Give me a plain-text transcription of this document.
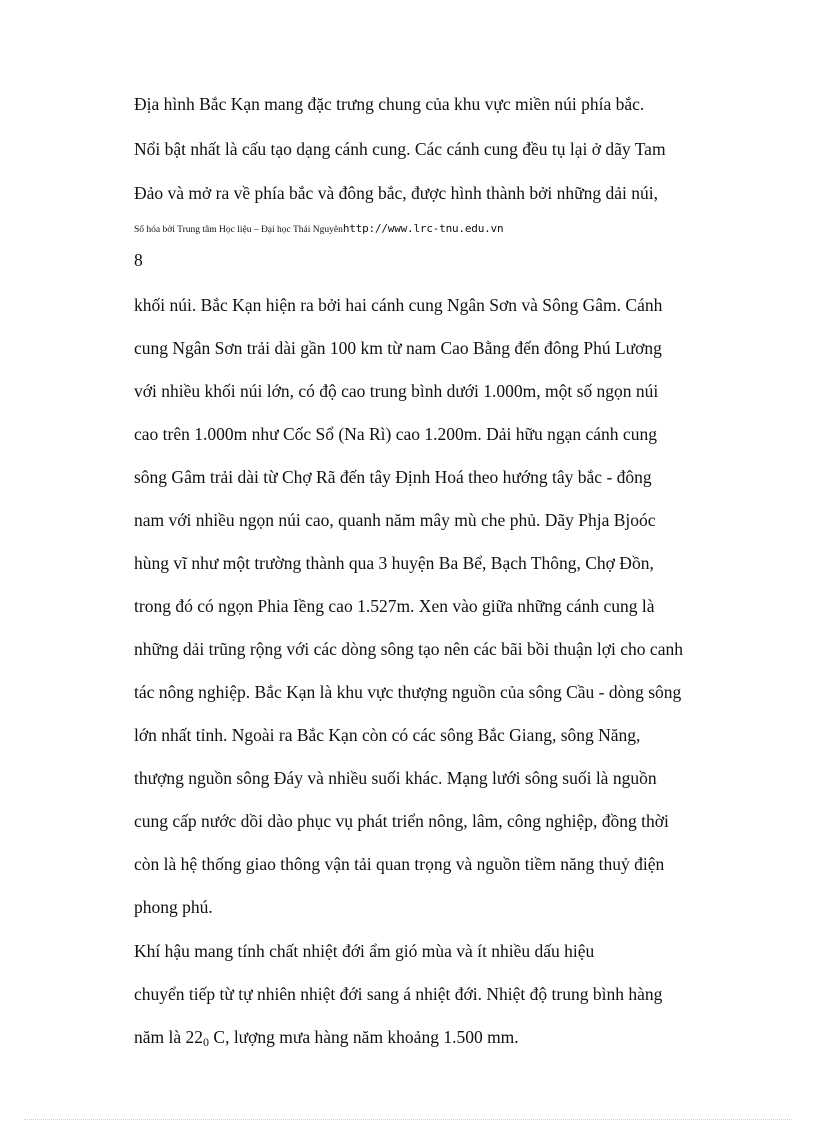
Địa hình Bắc Kạn mang đặc trưng chung của khu vực miền núi phía bắc.
Nổi bật nhất là cấu tạo dạng cánh cung. Các cánh cung đều tụ lại ở dãy Tam
Đảo và mở ra về phía bắc và đông bắc, được hình thành bởi những dải núi,
Số hóa bởi Trung tâm Học liệu – Đại học Thái Nguyênhttp://www.lrc-tnu.edu.vn
8
khối núi. Bắc Kạn hiện ra bởi hai cánh cung Ngân Sơn và Sông Gâm. Cánh
cung Ngân Sơn trải dài gần 100 km từ nam Cao Bằng đến đông Phú Lương
với nhiều khối núi lớn, có độ cao trung bình dưới 1.000m, một số ngọn núi
cao trên 1.000m như Cốc Sổ (Na Rì) cao 1.200m. Dải hữu ngạn cánh cung
sông Gâm trải dài từ Chợ Rã đến tây Định Hoá theo hướng tây bắc - đông
nam với nhiều ngọn núi cao, quanh năm mây mù che phủ. Dãy Phja Bjoóc
hùng vĩ như một trường thành qua 3 huyện Ba Bể, Bạch Thông, Chợ Đồn,
trong đó có ngọn Phia Iềng cao 1.527m. Xen vào giữa những cánh cung là
những dải trũng rộng với các dòng sông tạo nên các bãi bồi thuận lợi cho canh
tác nông nghiệp. Bắc Kạn là khu vực thượng nguồn của sông Cầu - dòng sông
lớn nhất tỉnh. Ngoài ra Bắc Kạn còn có các sông Bắc Giang, sông Năng,
thượng nguồn sông Đáy và nhiều suối khác. Mạng lưới sông suối là nguồn
cung cấp nước dồi dào phục vụ phát triển nông, lâm, công nghiệp, đồng thời
còn là hệ thống giao thông vận tải quan trọng và nguồn tiềm năng thuỷ điện
phong phú.
Khí hậu mang tính chất nhiệt đới ẩm gió mùa và ít nhiều dấu hiệu
chuyển tiếp từ tự nhiên nhiệt đới sang á nhiệt đới. Nhiệt độ trung bình hàng
năm là $22_0$ C, lượng mưa hàng năm khoảng 1.500 mm.
